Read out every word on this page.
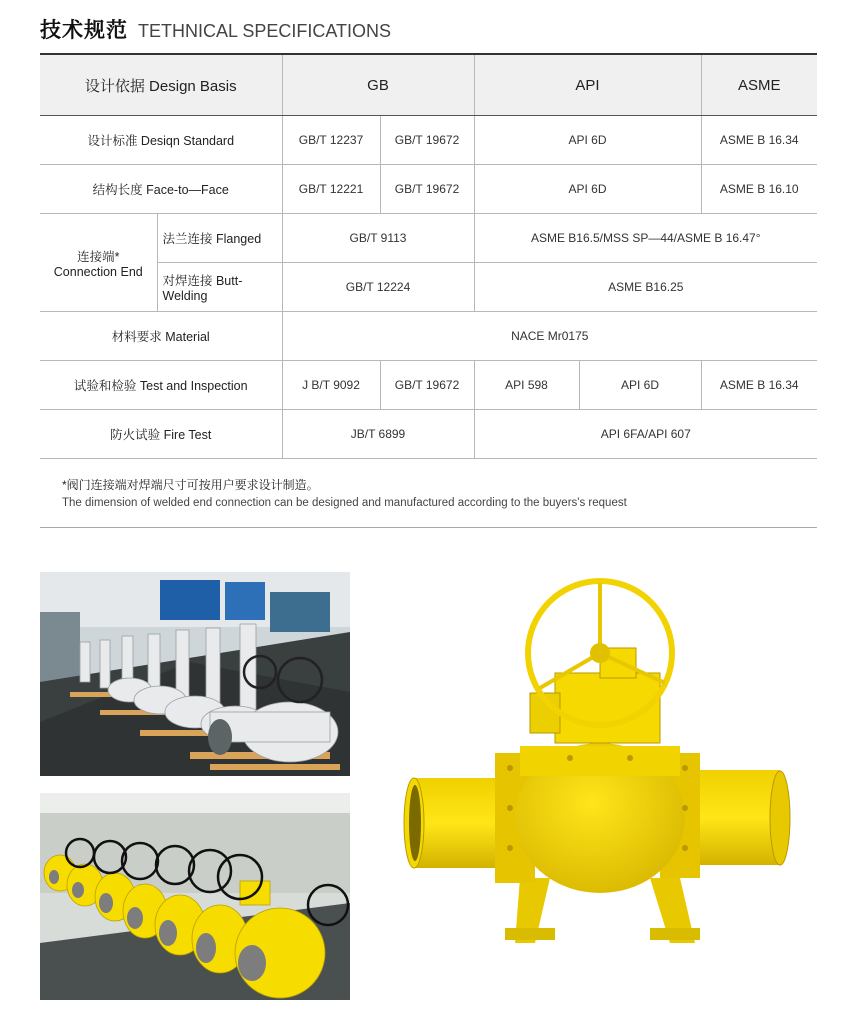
技术规范 TETHNICAL SPECIFICATIONS
设计依据 Design Basis		GB		API		ASME
设计标准 Desiqn Standard		GB/T 12237	GB/T 19672	API 6D		ASME B 16.34
结构长度 Face-to—Face		GB/T 12221	GB/T 19672	API 6D		ASME B 16.10

连接端*
Connection End	法兰连接 Flanged	GB/T 9113		ASME B16.5/MSS SP—44/ASME B 16.47°		
	对焊连接 Butt-Welding	GB/T 12224		ASME B16.25		
材料要求 Material		NACE Mr0175				
试验和检验 Test and Inspection		J B/T 9092	GB/T 19672	API 598	API 6D	ASME B 16.34
防火试验 Fire Test		JB/T 6899		API 6FA/API 607		
*阀门连接端对焊端尺寸可按用户要求设计制造。
The dimension of welded end connection can be designed and manufactured according to the buyers's request
